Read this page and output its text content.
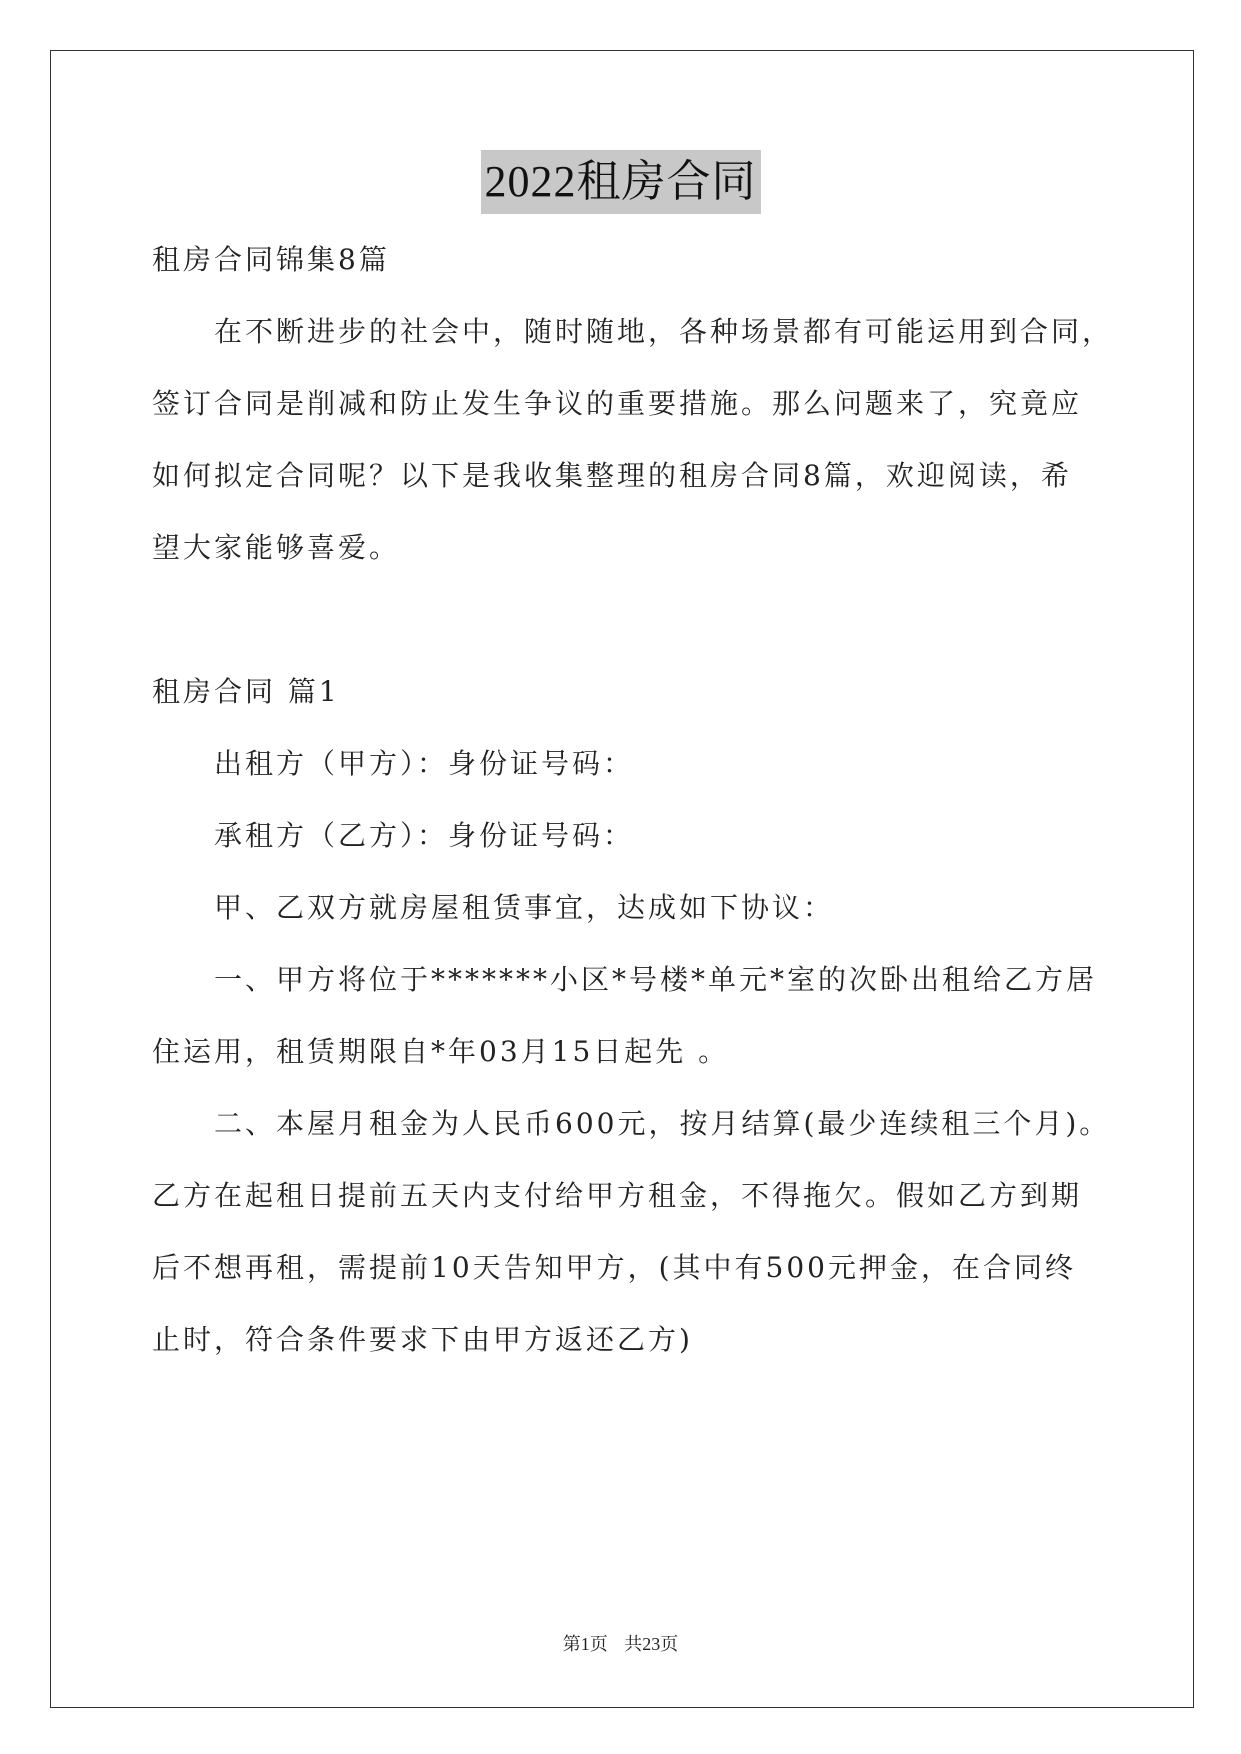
2022租房合同
租房合同锦集8篇
在不断进步的社会中，随时随地，各种场景都有可能运用到合同，
签订合同是削减和防止发生争议的重要措施。那么问题来了，究竟应
如何拟定合同呢？以下是我收集整理的租房合同8篇，欢迎阅读，希
望大家能够喜爱。
租房合同 篇1
出租方（甲方）：身份证号码：
承租方（乙方）：身份证号码：
甲、乙双方就房屋租赁事宜，达成如下协议：
一、甲方将位于*******小区*号楼*单元*室的次卧出租给乙方居
住运用，租赁期限自*年03月15日起先 。
二、本屋月租金为人民币600元，按月结算(最少连续租三个月)。
乙方在起租日提前五天内支付给甲方租金，不得拖欠。假如乙方到期
后不想再租，需提前10天告知甲方，(其中有500元押金，在合同终
止时，符合条件要求下由甲方返还乙方)
第1页 共23页
